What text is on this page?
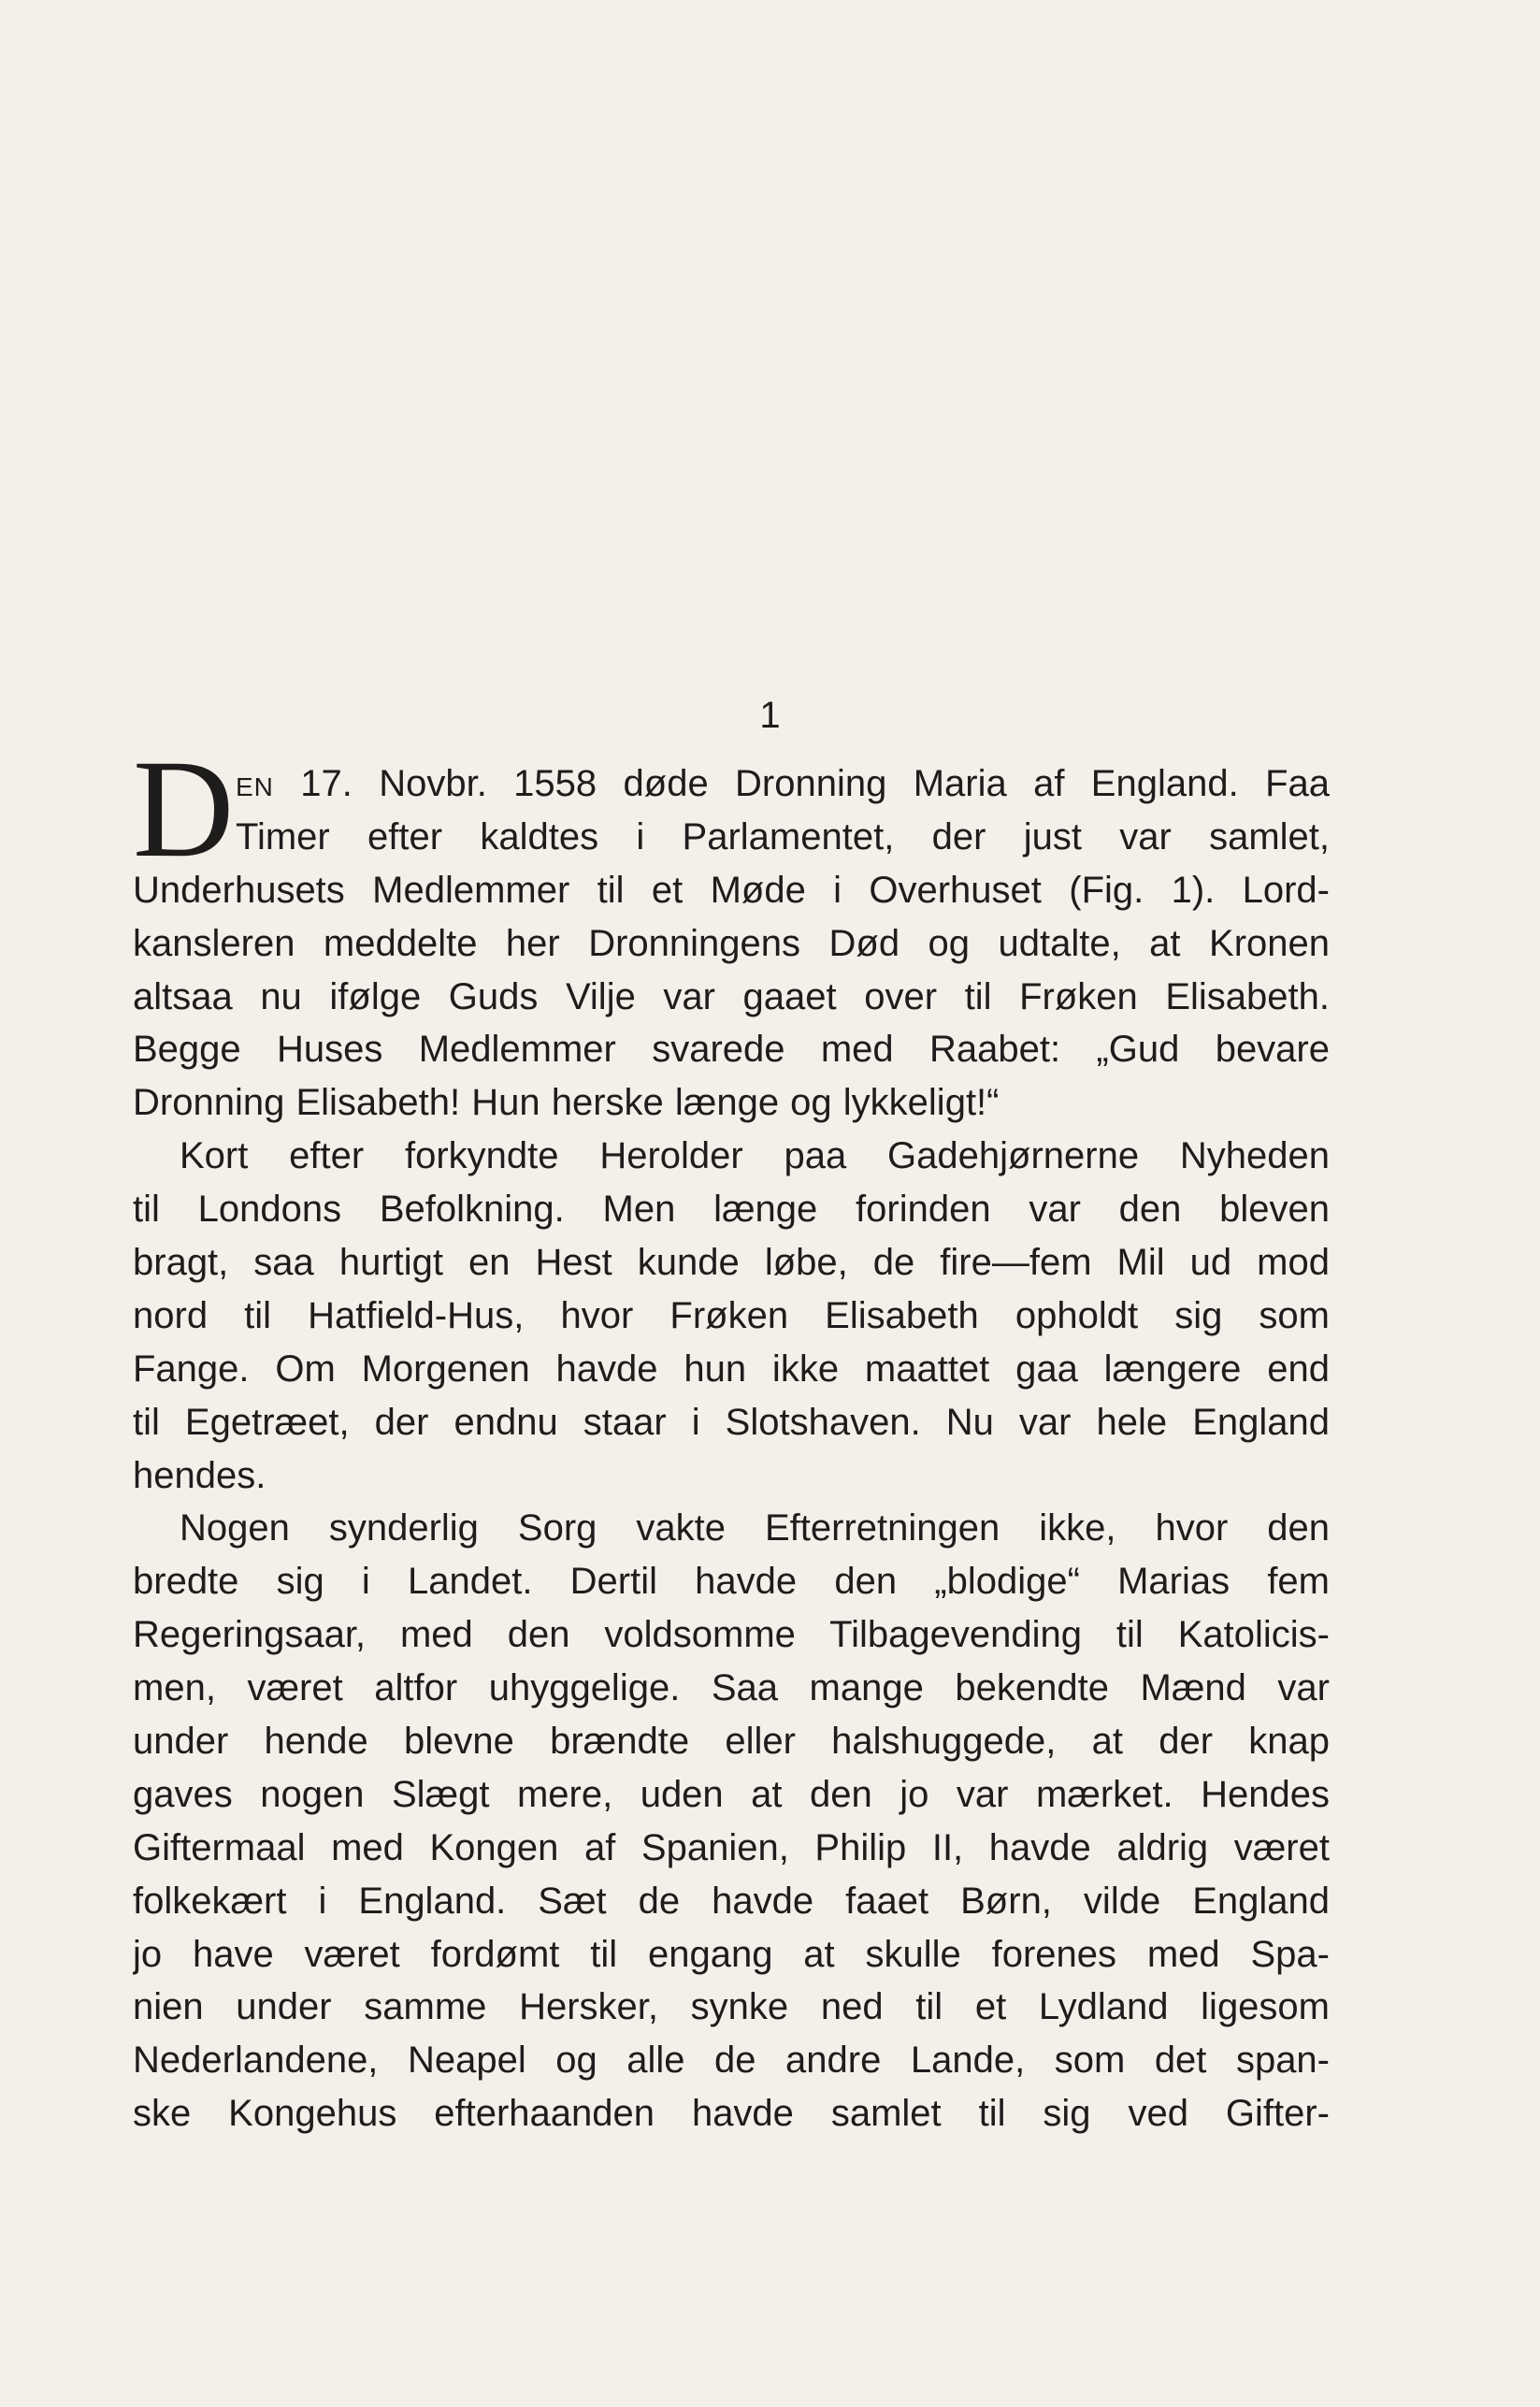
1
D EN 17. Novbr. 1558 døde Dronning Maria af England. Faa
Timer efter kaldtes i Parlamentet, der just var samlet,
Underhusets Medlemmer til et Møde i Overhuset (Fig. 1). Lord-
kansleren meddelte her Dronningens Død og udtalte, at Kronen
altsaa nu ifølge Guds Vilje var gaaet over til Frøken Elisabeth.
Begge Huses Medlemmer svarede med Raabet: „Gud bevare
Dronning Elisabeth! Hun herske længe og lykkeligt!“
Kort efter forkyndte Herolder paa Gadehjørnerne Nyheden
til Londons Befolkning. Men længe forinden var den bleven
bragt, saa hurtigt en Hest kunde løbe, de fire—fem Mil ud mod
nord til Hatfield-Hus, hvor Frøken Elisabeth opholdt sig som
Fange. Om Morgenen havde hun ikke maattet gaa længere end
til Egetræet, der endnu staar i Slotshaven. Nu var hele England
hendes.
Nogen synderlig Sorg vakte Efterretningen ikke, hvor den
bredte sig i Landet. Dertil havde den „blodige“ Marias fem
Regeringsaar, med den voldsomme Tilbagevending til Katolicis-
men, været altfor uhyggelige. Saa mange bekendte Mænd var
under hende blevne brændte eller halshuggede, at der knap
gaves nogen Slægt mere, uden at den jo var mærket. Hendes
Giftermaal med Kongen af Spanien, Philip II, havde aldrig været
folkekært i England. Sæt de havde faaet Børn, vilde England
jo have været fordømt til engang at skulle forenes med Spa-
nien under samme Hersker, synke ned til et Lydland ligesom
Nederlandene, Neapel og alle de andre Lande, som det span-
ske Kongehus efterhaanden havde samlet til sig ved Gifter-
